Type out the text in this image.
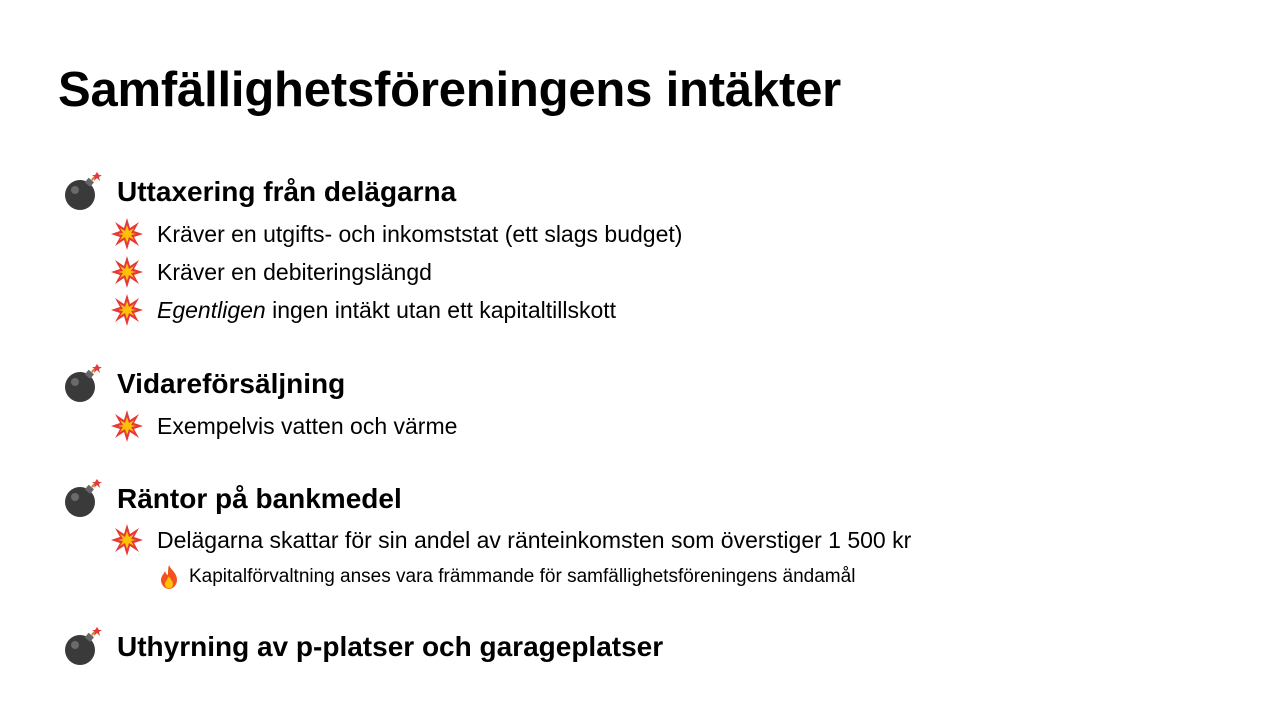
Samfällighetsföreningens intäkter
Uttaxering från delägarna
Kräver en utgifts- och inkomststat (ett slags budget)
Kräver en debiteringslängd
Egentligen ingen intäkt utan ett kapitaltillskott
Vidareförsäljning
Exempelvis vatten och värme
Räntor på bankmedel
Delägarna skattar för sin andel av ränteinkomsten som överstiger 1 500 kr
Kapitalförvaltning anses vara främmande för samfällighetsföreningens ändamål
Uthyrning av p-platser och garageplatser
